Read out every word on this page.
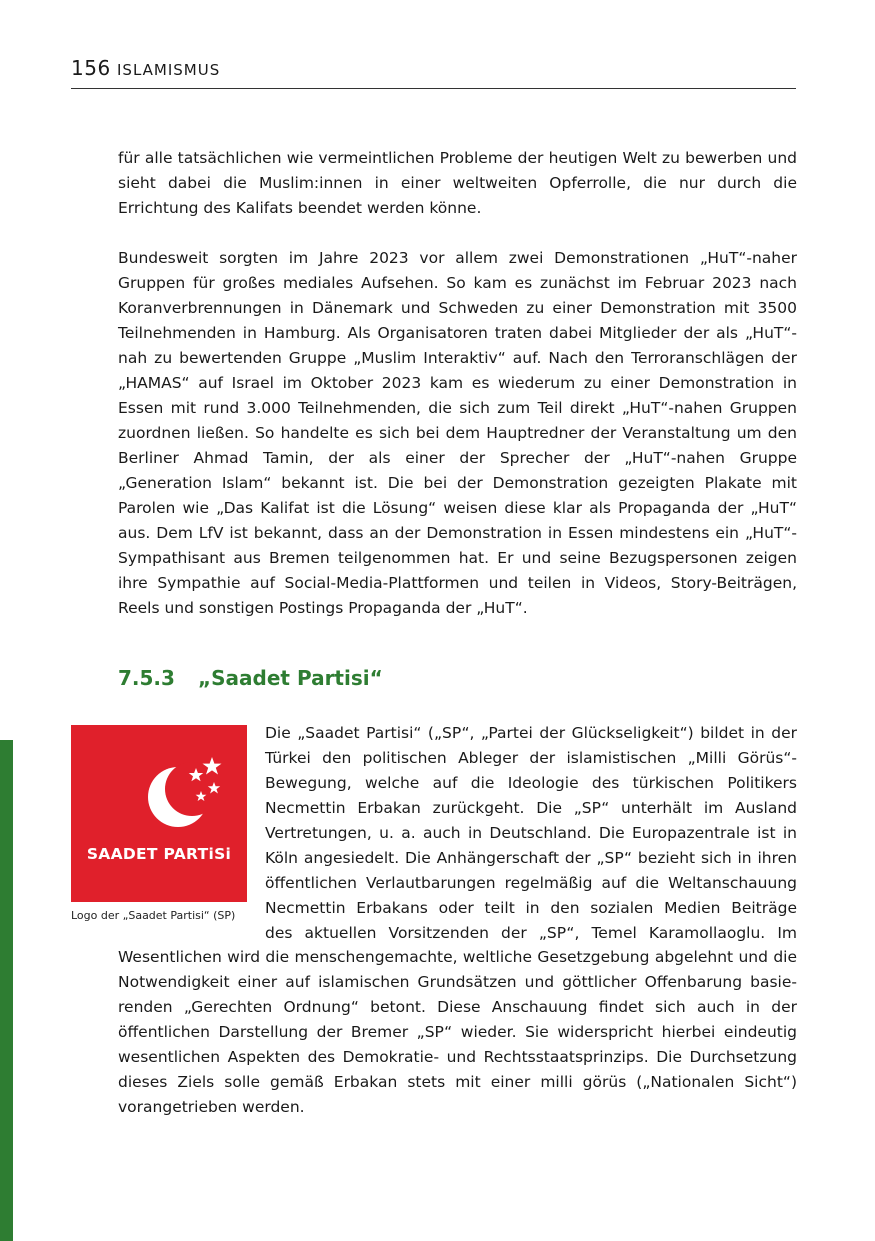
156 ISLAMISMUS

für alle tatsächlichen wie vermeintlichen Probleme der heutigen Welt zu bewerben und sieht dabei die Muslim:innen in einer weltweiten Opferrolle, die nur durch die Errichtung des Kalifats beendet werden könne.

Bundesweit sorgten im Jahre 2023 vor allem zwei Demonstrationen „HuT“-naher Gruppen für großes mediales Aufsehen. So kam es zunächst im Februar 2023 nach Koranverbrennungen in Dänemark und Schweden zu einer Demonstration mit 3500 Teilnehmenden in Hamburg. Als Organisatoren traten dabei Mitglieder der als „HuT“-nah zu bewertenden Gruppe „Muslim Interaktiv“ auf. Nach den Terroranschlägen der „HAMAS“ auf Israel im Oktober 2023 kam es wiederum zu einer Demonstration in Essen mit rund 3.000 Teilnehmenden, die sich zum Teil direkt „HuT“-nahen Gruppen zuordnen ließen. So handelte es sich bei dem Hauptredner der Veranstaltung um den Berliner Ahmad Tamin, der als einer der Sprecher der „HuT“-nahen Gruppe „Generation Islam“ bekannt ist. Die bei der Demonstration gezeigten Plakate mit Parolen wie „Das Kalifat ist die Lösung“ weisen diese klar als Propaganda der „HuT“ aus. Dem LfV ist bekannt, dass an der Demonstration in Essen mindestens ein „HuT“-Sympathisant aus Bremen teilgenommen hat. Er und seine Bezugspersonen zeigen ihre Sympathie auf Social-Media-Plattformen und teilen in Videos, Story-Beiträgen, Reels und sonstigen Postings Propaganda der „HuT“.

7.5.3 „Saadet Partisi“
SAADET PARTiSi
Logo der „Saadet Partisi“ (SP)
Die „Saadet Partisi“ („SP“, „Partei der Glückseligkeit“) bildet in der
Türkei den politischen Ableger der islamistischen „Milli Görüs“-
Bewegung, welche auf die Ideologie des türkischen Politikers
Necmettin Erbakan zurückgeht. Die „SP“ unterhält im Ausland
Vertretungen, u. a. auch in Deutschland. Die Europazentrale ist in
Köln angesiedelt. Die Anhängerschaft der „SP“ bezieht sich in ihren
öffentlichen Verlautbarungen regelmäßig auf die Weltanschauung
Necmettin Erbakans oder teilt in den sozialen Medien Beiträge
des aktuellen Vorsitzenden der „SP“, Temel Karamollaoglu. Im

Wesentlichen wird die menschengemachte, weltliche Gesetzgebung abgelehnt und die Notwendigkeit einer auf islamischen Grundsätzen und göttlicher Offenbarung basie-renden „Gerechten Ordnung“ betont. Diese Anschauung findet sich auch in der öffentlichen Darstellung der Bremer „SP“ wieder. Sie widerspricht hierbei eindeutig wesentlichen Aspekten des Demokratie- und Rechtsstaatsprinzips. Die Durchsetzung dieses Ziels solle gemäß Erbakan stets mit einer milli görüs („Nationalen Sicht“) vorangetrieben werden.
